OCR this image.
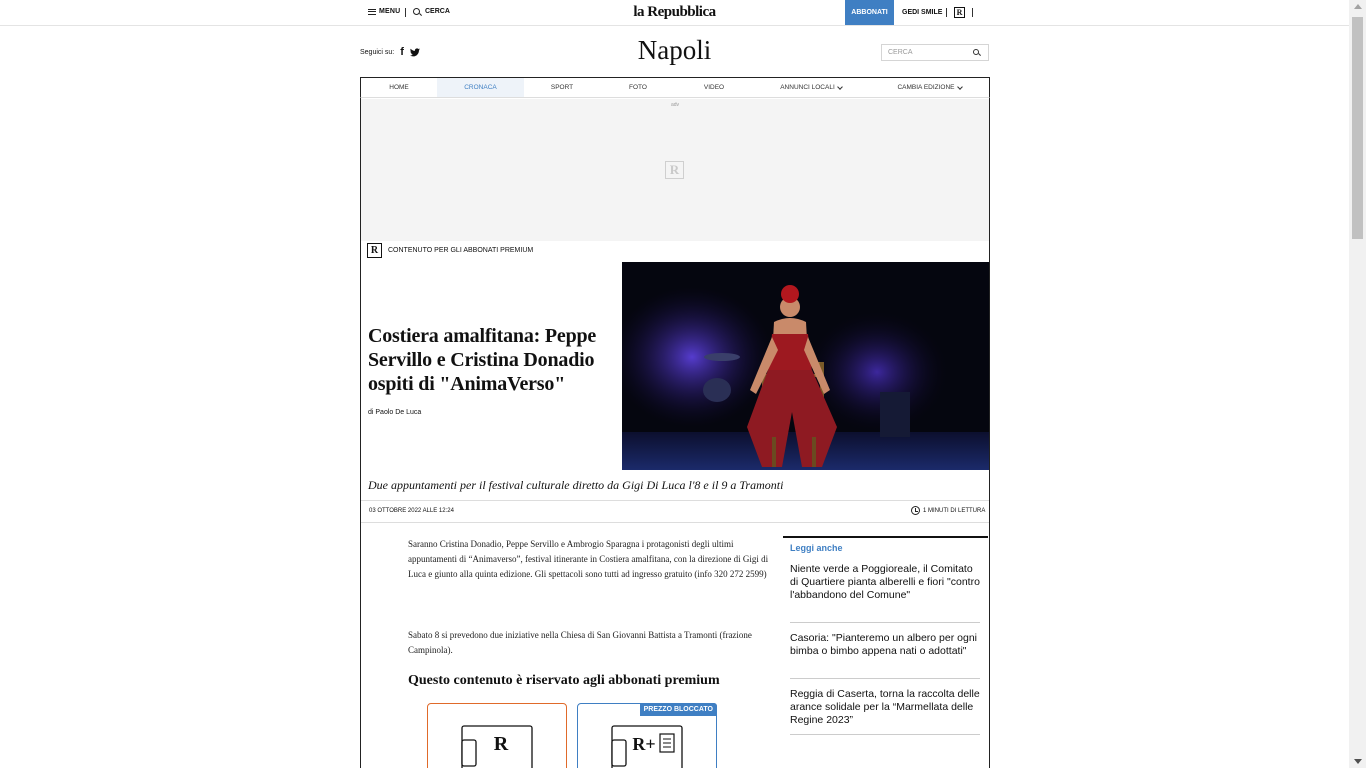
MENU	CERCA	la Repubblica	ABBONATI	GEDI SMILE	R
Seguici su: f	Napoli	CERCA
HOME	CRONACA	SPORT	FOTO	VIDEO	ANNUNCI LOCALI	CAMBIA EDIZIONE
adv
R
R	CONTENUTO PER GLI ABBONATI PREMIUM
Costiera amalfitana: Peppe Servillo e Cristina Donadio ospiti di "AnimaVerso"
di Paolo De Luca
Due appuntamenti per il festival culturale diretto da Gigi Di Luca l'8 e il 9 a Tramonti
03 OTTOBRE 2022 ALLE 12:24	1 MINUTI DI LETTURA

Saranno Cristina Donadio, Peppe Servillo e Ambrogio Sparagna i protagonisti degli ultimi appuntamenti di “Animaverso”, festival itinerante in Costiera amalfitana, con la direzione di Gigi di Luca e giunto alla quinta edizione. Gli spettacoli sono tutti ad ingresso gratuito (info 320 272 2599)

Sabato 8 si prevedono due iniziative nella Chiesa di San Giovanni Battista a Tramonti (frazione Campinola).

Questo contenuto è riservato agli abbonati premium
R
PREZZO BLOCCATO
R+
Leggi anche
Niente verde a Poggioreale, il Comitato di Quartiere pianta alberelli e fiori "contro l'abbandono del Comune"
Casoria: "Pianteremo un albero per ogni bimba o bimbo appena nati o adottati"
Reggia di Caserta, torna la raccolta delle arance solidale per la “Marmellata delle Regine 2023”
